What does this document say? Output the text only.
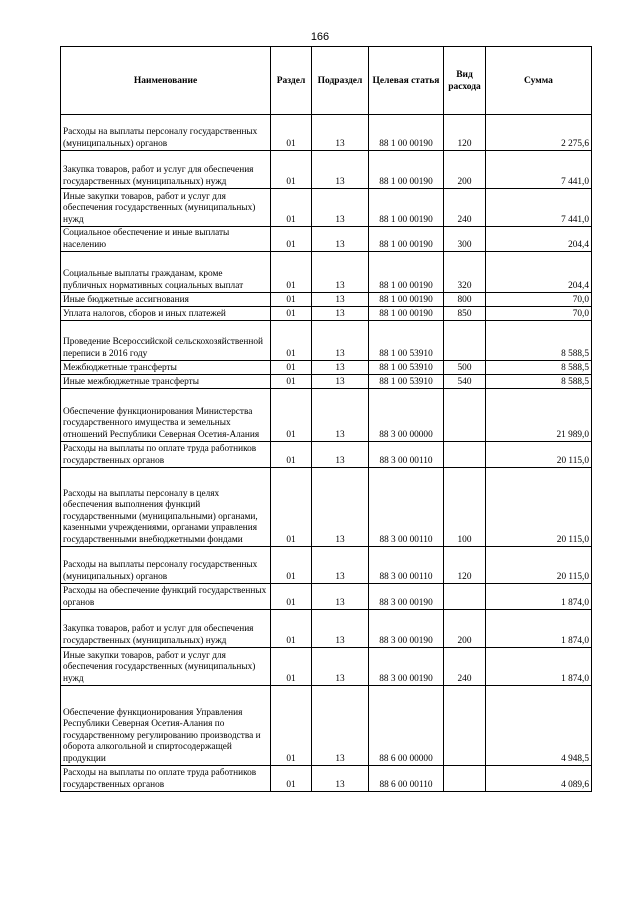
166
Наименование	Раздел	Подраздел	Целевая статья	Вид расхода	Сумма

Расходы на выплаты персоналу государственных (муниципальных) органов	01	13	88 1 00 00190	120	2 275,6
Закупка товаров, работ и услуг для обеспечения государственных (муниципальных) нужд	01	13	88 1 00 00190	200	7 441,0
Иные закупки товаров, работ и услуг для обеспечения государственных (муниципальных) нужд	01	13	88 1 00 00190	240	7 441,0
Социальное обеспечение и иные выплаты населению	01	13	88 1 00 00190	300	204,4

Социальные выплаты гражданам, кроме публичных нормативных социальных выплат	01	13	88 1 00 00190	320	204,4
Иные бюджетные ассигнования	01	13	88 1 00 00190	800	70,0
Уплата налогов, сборов и иных платежей	01	13	88 1 00 00190	850	70,0

Проведение Всероссийской сельскохозяйственной переписи в 2016 году	01	13	88 1 00 53910		8 588,5
Межбюджетные трансферты	01	13	88 1 00 53910	500	8 588,5
Иные межбюджетные трансферты	01	13	88 1 00 53910	540	8 588,5
Обеспечение функционирования Министерства государственного имущества и земельных отношений Республики Северная Осетия-Алания	01	13	88 3 00 00000		21 989,0
Расходы на выплаты по оплате труда работников государственных органов	01	13	88 3 00 00110		20 115,0
Расходы на выплаты персоналу в целях обеспечения выполнения функций государственными (муниципальными) органами, казенными учреждениями, органами управления государственными внебюджетными фондами	01	13	88 3 00 00110	100	20 115,0

Расходы на выплаты персоналу государственных (муниципальных) органов	01	13	88 3 00 00110	120	20 115,0
Расходы на обеспечение функций государственных органов	01	13	88 3 00 00190		1 874,0
Закупка товаров, работ и услуг для обеспечения государственных (муниципальных) нужд	01	13	88 3 00 00190	200	1 874,0
Иные закупки товаров, работ и услуг для обеспечения государственных (муниципальных) нужд	01	13	88 3 00 00190	240	1 874,0

Обеспечение функционирования Управления Республики Северная Осетия-Алания по государственному регулированию производства и оборота алкогольной и спиртосодержащей продукции	01	13	88 6 00 00000		4 948,5
Расходы на выплаты по оплате труда работников государственных органов	01	13	88 6 00 00110		4 089,6
